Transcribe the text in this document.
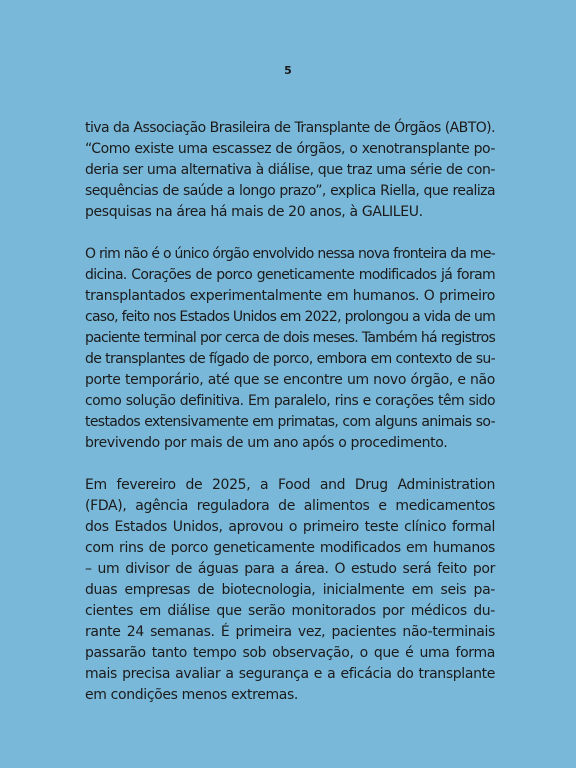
5
tiva da Associação Brasileira de Transplante de Órgãos (ABTO).
“Como existe uma escassez de órgãos, o xenotransplante po-
deria ser uma alternativa à diálise, que traz uma série de con-
sequências de saúde a longo prazo”, explica Riella, que realiza
pesquisas na área há mais de 20 anos, à GALILEU.
O rim não é o único órgão envolvido nessa nova fronteira da me-
dicina. Corações de porco geneticamente modificados já foram
transplantados experimentalmente em humanos. O primeiro
caso, feito nos Estados Unidos em 2022, prolongou a vida de um
paciente terminal por cerca de dois meses. Também há registros
de transplantes de fígado de porco, embora em contexto de su-
porte temporário, até que se encontre um novo órgão, e não
como solução definitiva. Em paralelo, rins e corações têm sido
testados extensivamente em primatas, com alguns animais so-
brevivendo por mais de um ano após o procedimento.
Em fevereiro de 2025, a Food and Drug Administration
(FDA), agência reguladora de alimentos e medicamentos
dos Estados Unidos, aprovou o primeiro teste clínico formal
com rins de porco geneticamente modificados em humanos
– um divisor de águas para a área. O estudo será feito por
duas empresas de biotecnologia, inicialmente em seis pa-
cientes em diálise que serão monitorados por médicos du-
rante 24 semanas. É primeira vez, pacientes não-terminais
passarão tanto tempo sob observação, o que é uma forma
mais precisa avaliar a segurança e a eficácia do transplante
em condições menos extremas.
